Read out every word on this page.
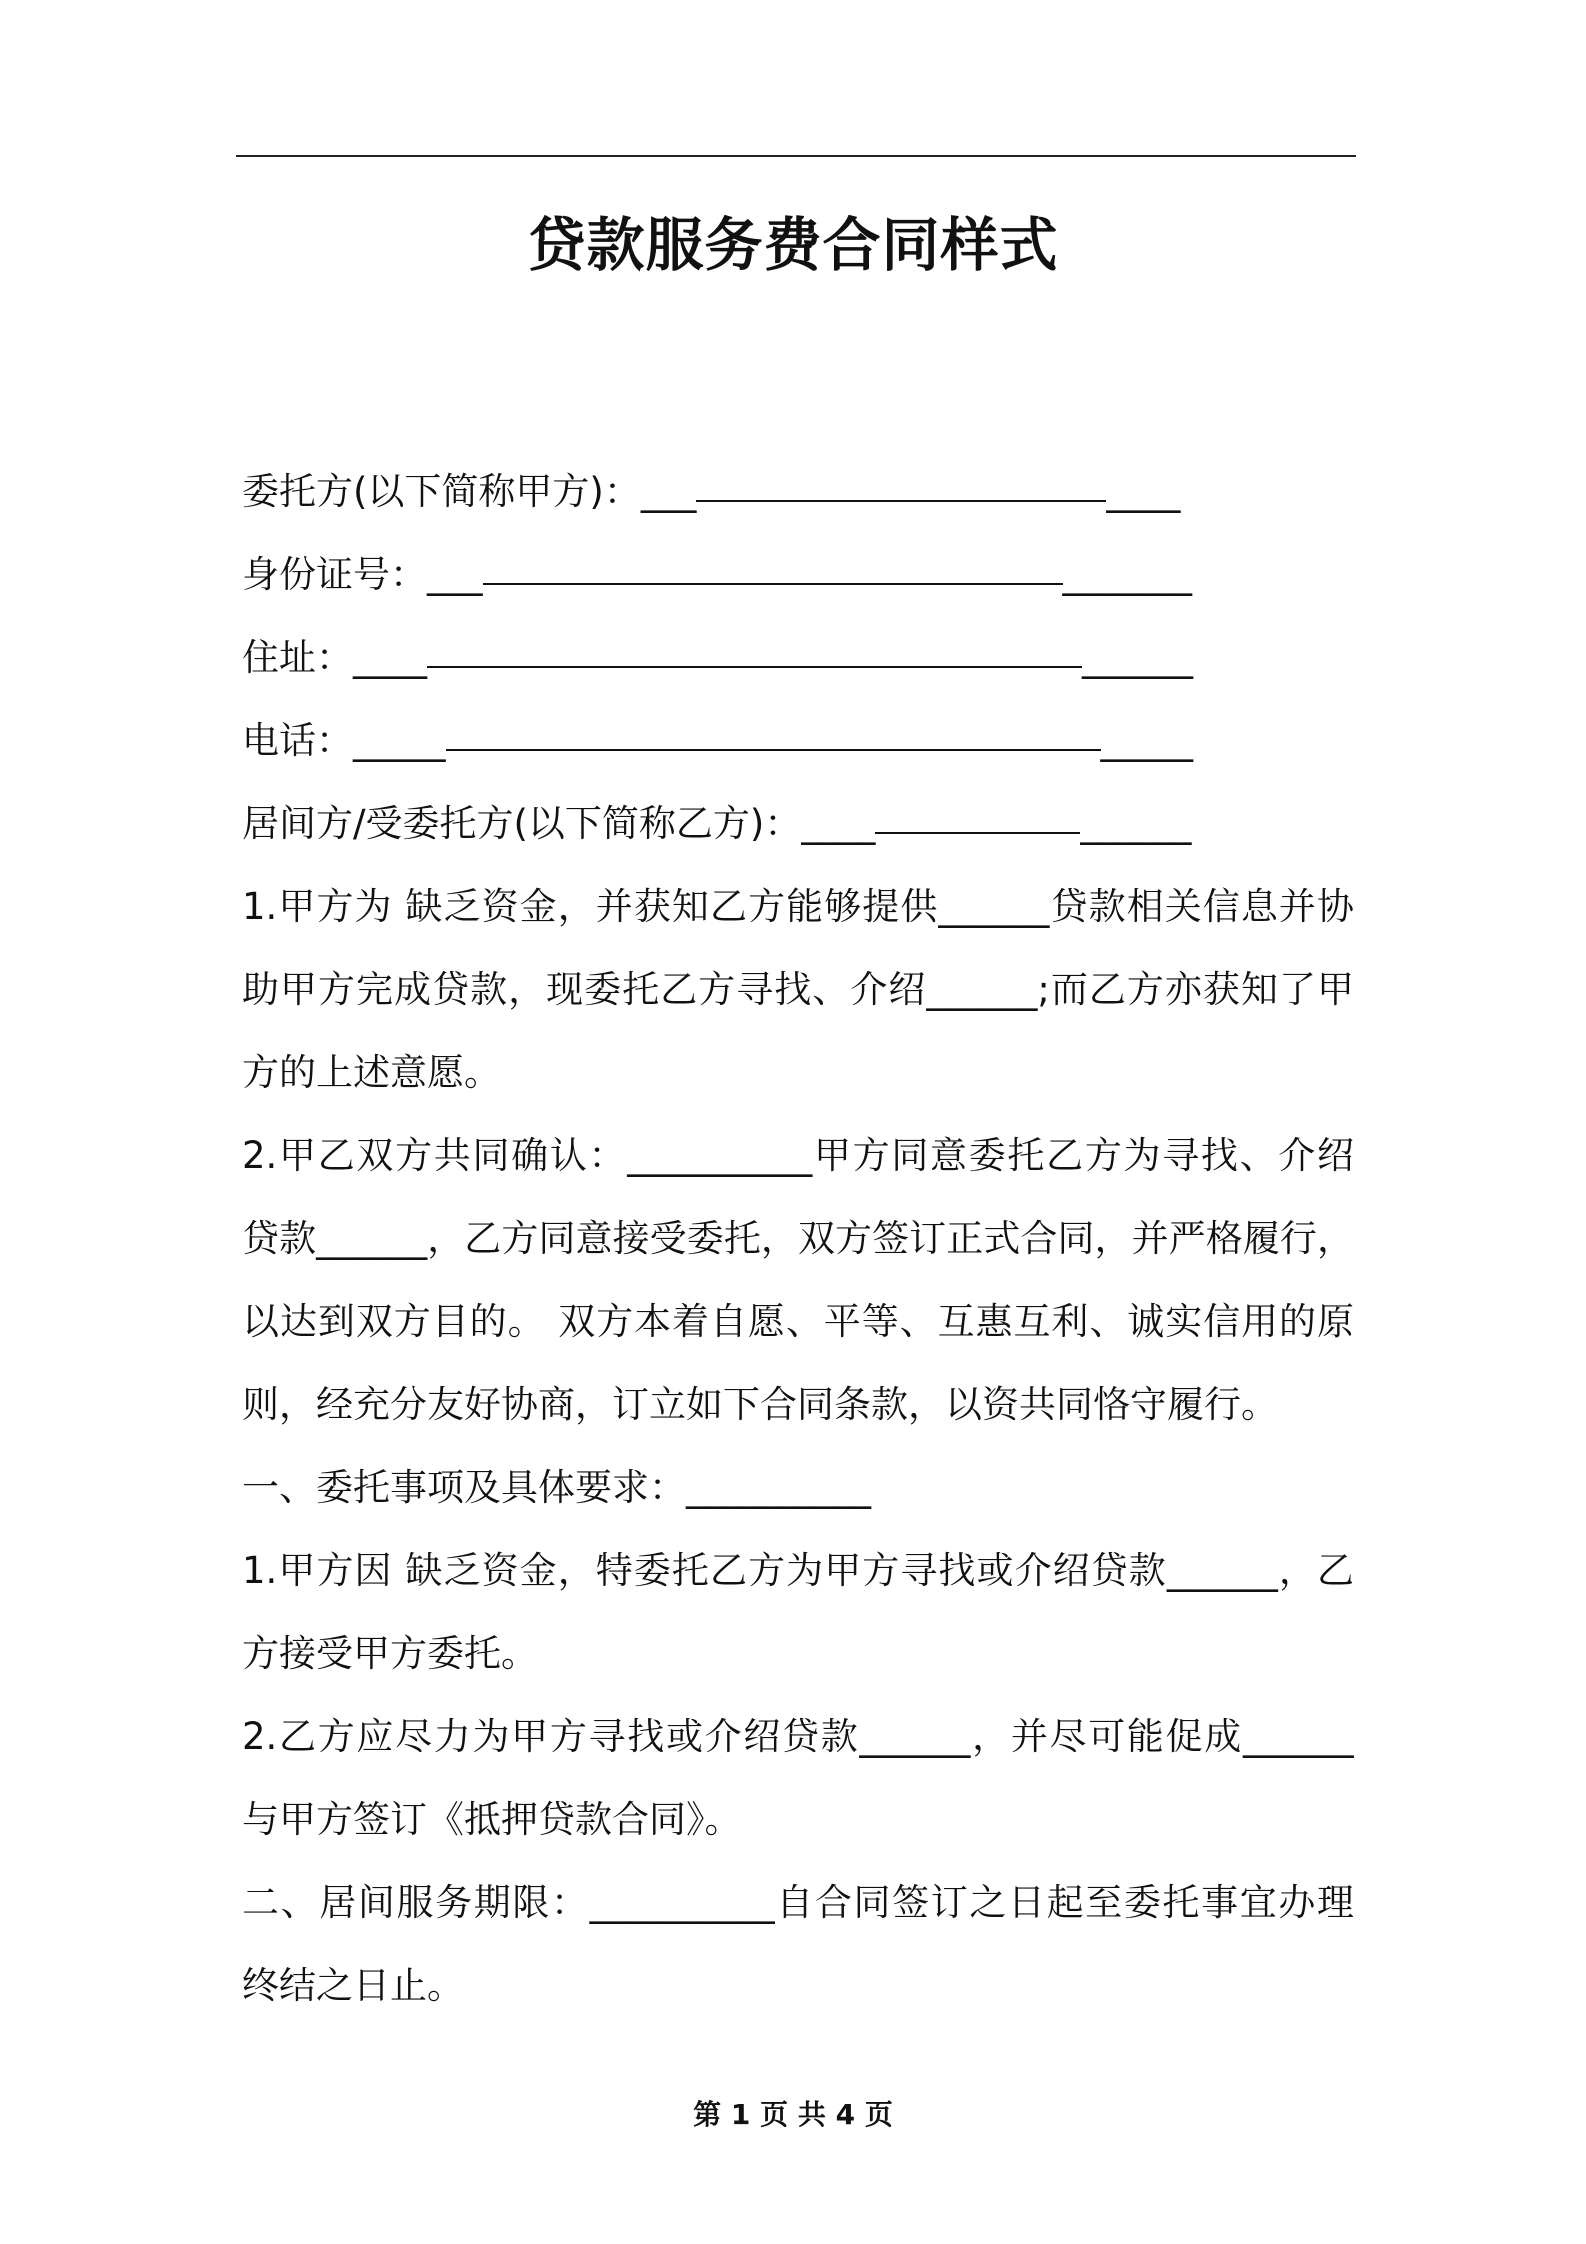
贷款服务费合同样式
委托方(以下简称甲方)：___	____
身份证号：___	_______
住址：____	______
电话：_____	_____
居间方/受委托方(以下简称乙方)：____	______
1.甲方为 缺乏资金，并获知乙方能够提供______贷款相关信息并协
助甲方完成贷款，现委托乙方寻找、介绍______;而乙方亦获知了甲
方的上述意愿。
2.甲乙双方共同确认：__________甲方同意委托乙方为寻找、介绍
贷款______，乙方同意接受委托，双方签订正式合同，并严格履行，
以达到双方目的。 双方本着自愿、平等、互惠互利、诚实信用的原
则，经充分友好协商，订立如下合同条款，以资共同恪守履行。
一、委托事项及具体要求：__________
1.甲方因 缺乏资金，特委托乙方为甲方寻找或介绍贷款______，乙
方接受甲方委托。
2.乙方应尽力为甲方寻找或介绍贷款______，并尽可能促成______
与甲方签订《抵押贷款合同》。
二、居间服务期限：__________自合同签订之日起至委托事宜办理
终结之日止。
第 1 页 共 4 页
